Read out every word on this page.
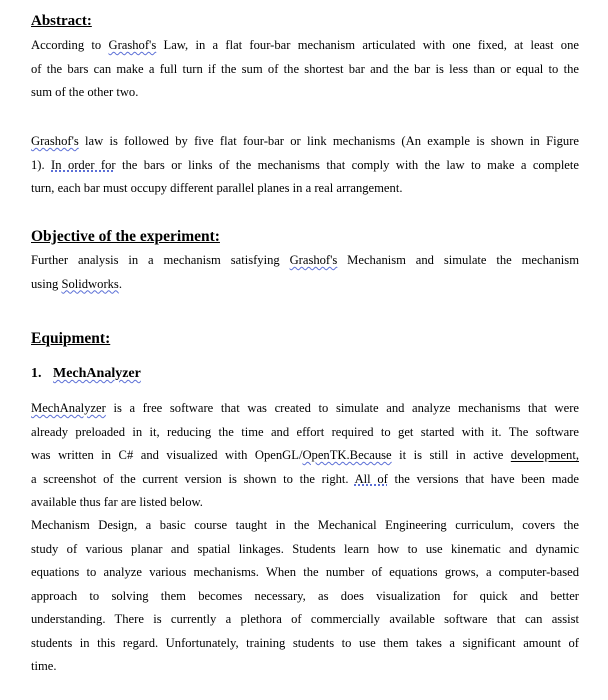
Abstract:

According to Grashof's Law, in a flat four-bar mechanism articulated with one fixed, at least one
of the bars can make a full turn if the sum of the shortest bar and the bar is less than or equal to the
sum of the other two.

Grashof's law is followed by five flat four-bar or link mechanisms (An example is shown in Figure
1). In order for the bars or links of the mechanisms that comply with the law to make a complete
turn, each bar must occupy different parallel planes in a real arrangement.

Objective of the experiment:

Further analysis in a mechanism satisfying Grashof's Mechanism and simulate the mechanism
using Solidworks.

Equipment:
1. MechAnalyzer

MechAnalyzer is a free software that was created to simulate and analyze mechanisms that were
already preloaded in it, reducing the time and effort required to get started with it. The software
was written in C# and visualized with OpenGL/OpenTK.Because it is still in active development,
a screenshot of the current version is shown to the right. All of the versions that have been made
available thus far are listed below.

Mechanism Design, a basic course taught in the Mechanical Engineering curriculum, covers the
study of various planar and spatial linkages. Students learn how to use kinematic and dynamic
equations to analyze various mechanisms. When the number of equations grows, a computer-based
approach to solving them becomes necessary, as does visualization for quick and better
understanding. There is currently a plethora of commercially available software that can assist
students in this regard. Unfortunately, training students to use them takes a significant amount of
time.
